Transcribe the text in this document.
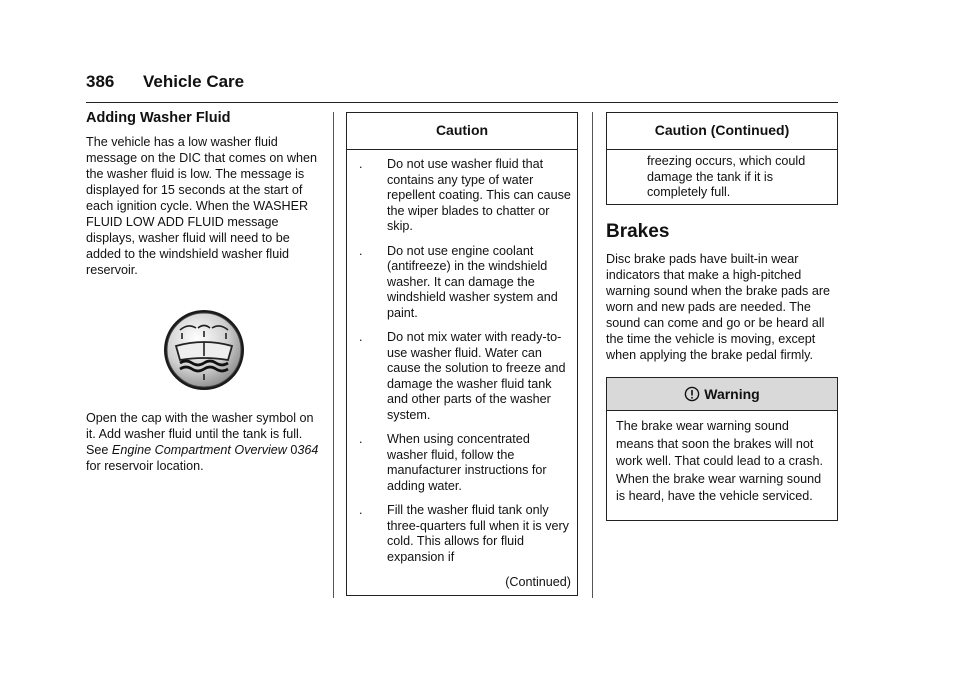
386 Vehicle Care
Adding Washer Fluid

The vehicle has a low washer fluid message on the DIC that comes on when the washer fluid is low. The message is displayed for 15 seconds at the start of each ignition cycle. When the WASHER FLUID LOW ADD FLUID message displays, washer fluid will need to be added to the windshield washer fluid reservoir.

Open the cap with the washer symbol on it. Add washer fluid until the tank is full. See Engine Compartment Overview 0364 for reservoir location.

Caution
.	Do not use washer fluid that contains any type of water repellent coating. This can cause the wiper blades to chatter or skip.
.	Do not use engine coolant (antifreeze) in the windshield washer. It can damage the windshield washer system and paint.
.	Do not mix water with ready-to-use washer fluid. Water can cause the solution to freeze and damage the washer fluid tank and other parts of the washer system.
.	When using concentrated washer fluid, follow the manufacturer instructions for adding water.
.	Fill the washer fluid tank only three-quarters full when it is very cold. This allows for fluid expansion if
(Continued)
Caution (Continued)
freezing occurs, which could damage the tank if it is completely full.
Brakes

Disc brake pads have built-in wear indicators that make a high-pitched warning sound when the brake pads are worn and new pads are needed. The sound can come and go or be heard all the time the vehicle is moving, except when applying the brake pedal firmly.

Warning
The brake wear warning sound means that soon the brakes will not work well. That could lead to a crash. When the brake wear warning sound is heard, have the vehicle serviced.
